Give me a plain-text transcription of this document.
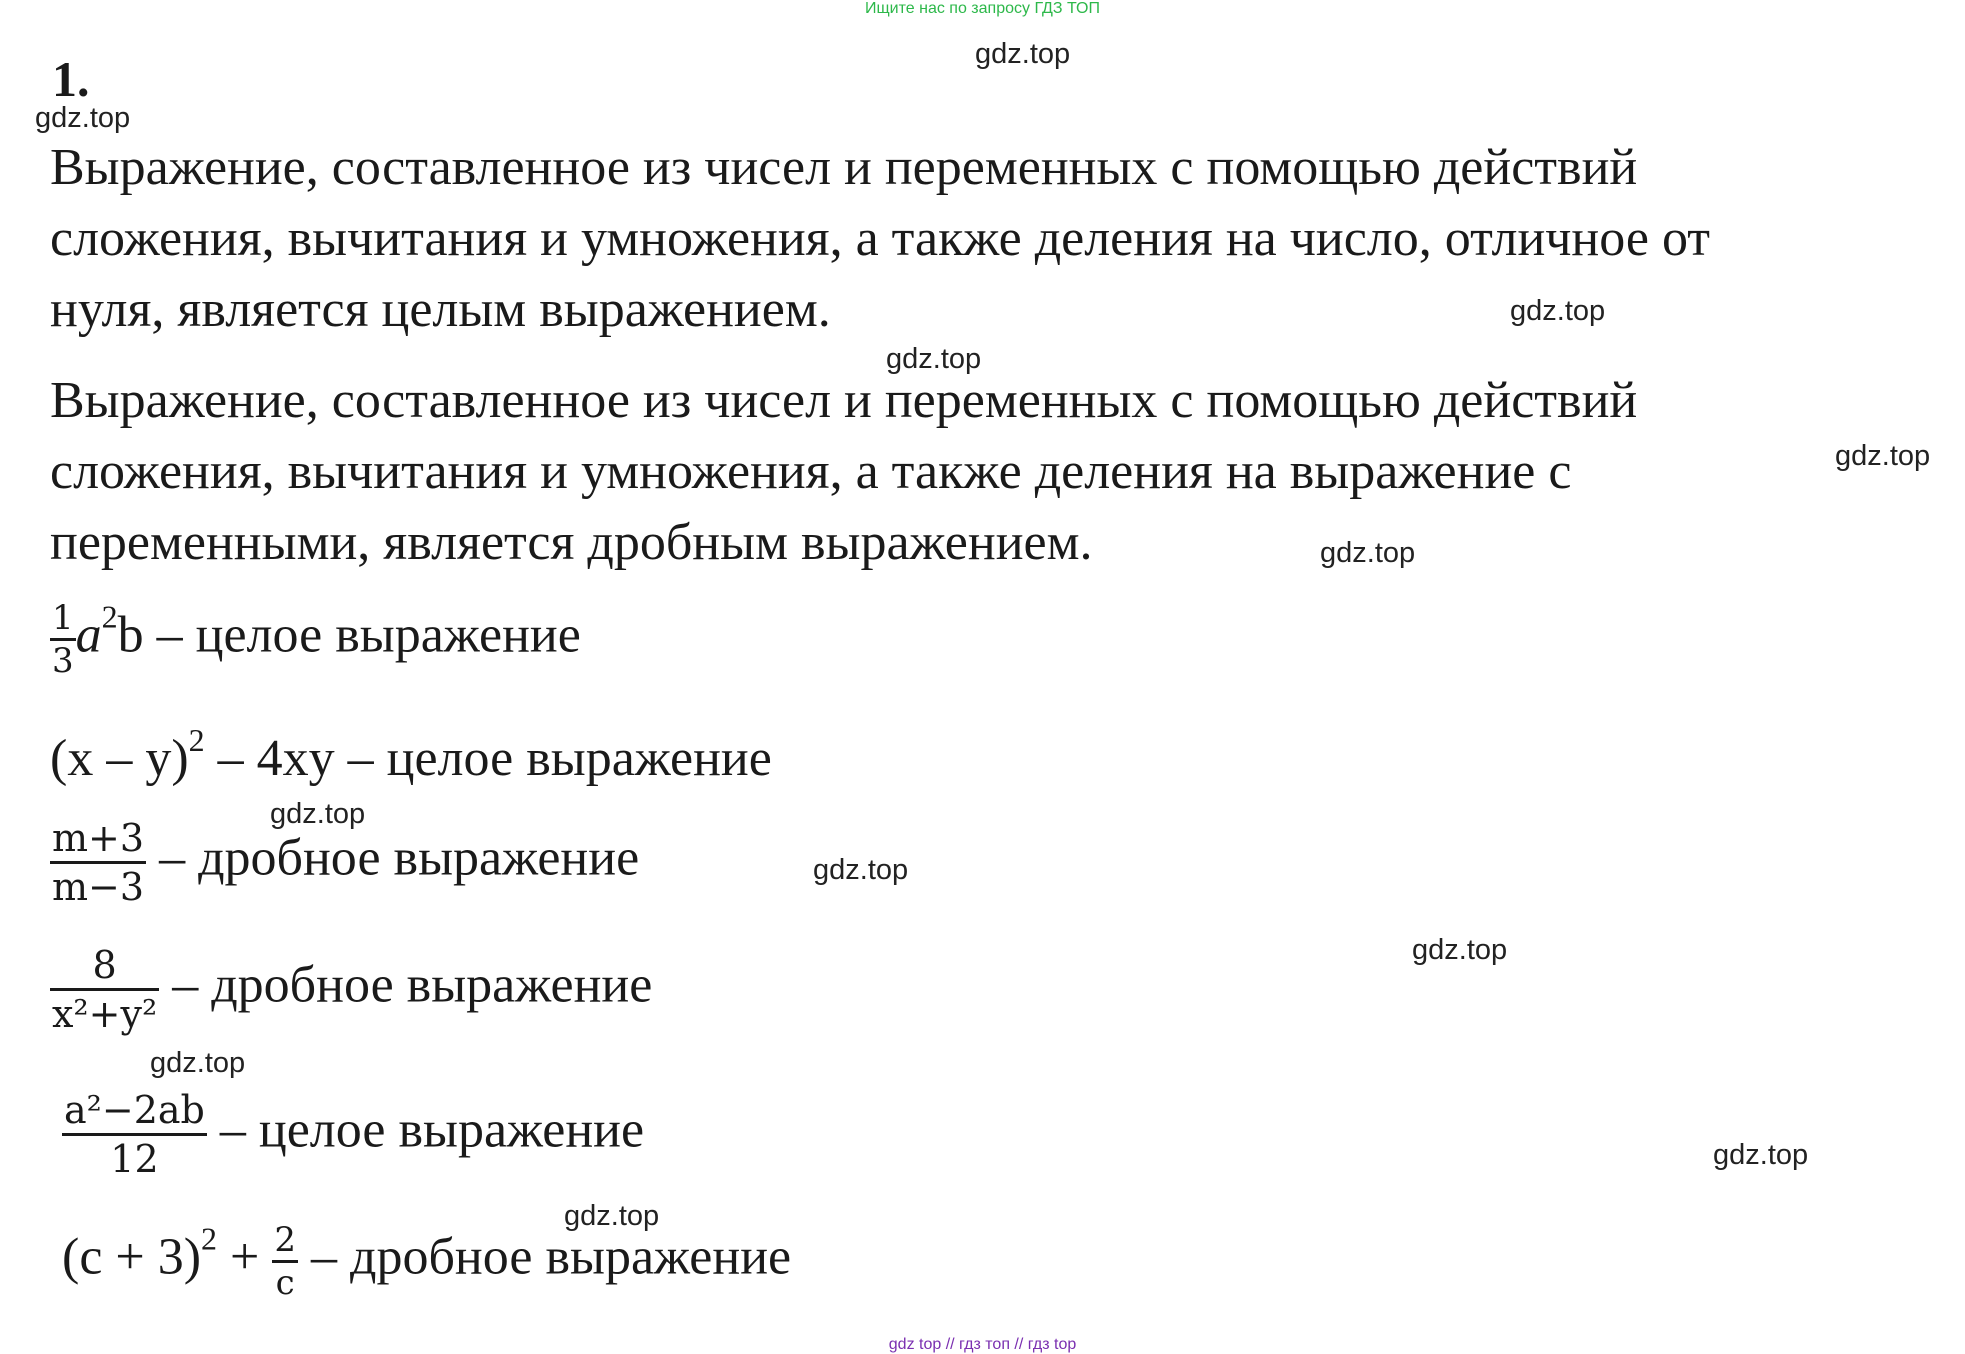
Ищите нас по запросу ГДЗ ТОП
1.
Выражение, составленное из чисел и переменных с помощью действий
сложения, вычитания и умножения, а также деления на число, отличное от
нуля, является целым выражением.
Выражение, составленное из чисел и переменных с помощью действий
сложения, вычитания и умножения, а также деления на выражение с
переменными, является дробным выражением.
$\frac{1}{3} a^2b$ – целое выражение
(x – y)$^2$ – 4xy – целое выражение
$\frac{m+3}{m-3}$ – дробное выражение
$\frac{8}{\text{x²+y²}}$ – дробное выражение
$\frac{\text{a²−2ab}}{12}$ – целое выражение
$(c + 3)^2 + \frac{2}{c}$ – дробное выражение
gdz.top
gdz.top
gdz.top
gdz.top
gdz.top
gdz.top
gdz.top
gdz.top
gdz.top
gdz.top
gdz.top
gdz.top
gdz top // гдз топ // гдз top
